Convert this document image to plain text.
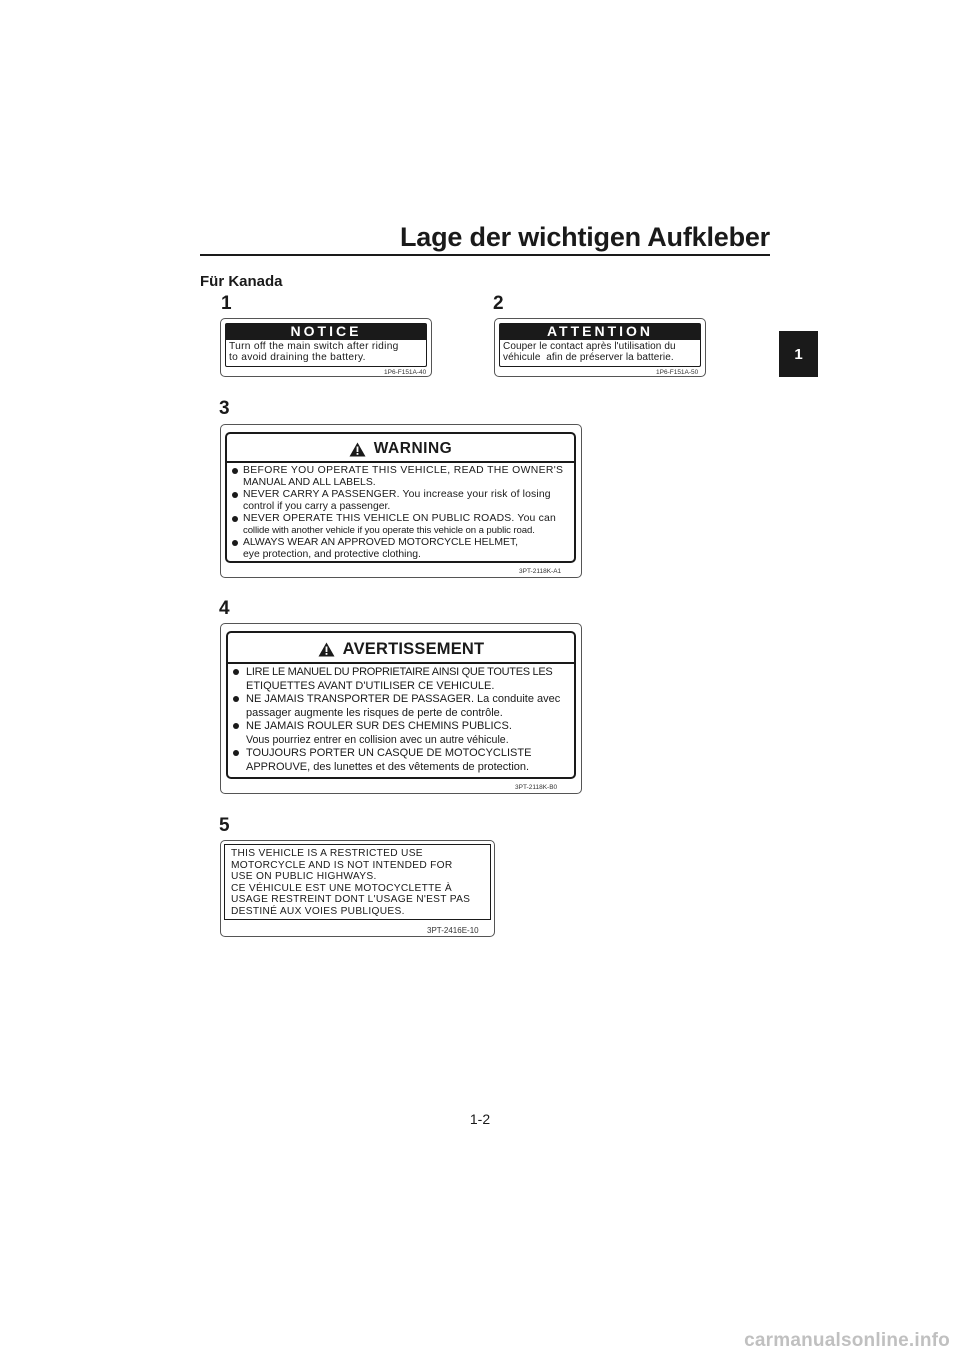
Lage der wichtigen Aufkleber
Für Kanada
1
1
NOTICE
Turn off the main switch after riding
to avoid draining the battery.
1P6-F151A-40
2
ATTENTION
Couper le contact après l'utilisation du
véhicule  afin de préserver la batterie.
1P6-F151A-50
3
WARNING
BEFORE YOU OPERATE THIS VEHICLE, READ THE OWNER'S
MANUAL AND ALL LABELS.
NEVER CARRY A PASSENGER. You increase your risk of losing
control if you carry a passenger.
NEVER OPERATE THIS VEHICLE ON PUBLIC ROADS. You can
collide with another vehicle if you operate this vehicle on a public road.
ALWAYS WEAR AN APPROVED MOTORCYCLE HELMET,
eye protection, and protective clothing.
3PT-2118K-A1
4
AVERTISSEMENT
LIRE LE MANUEL DU PROPRIETAIRE AINSI QUE TOUTES LES
ETIQUETTES AVANT D'UTILISER CE VEHICULE.
NE JAMAIS TRANSPORTER DE PASSAGER. La conduite avec
passager augmente les risques de perte de contrôle.
NE JAMAIS ROULER SUR DES CHEMINS PUBLICS.
Vous pourriez entrer en collision avec un autre véhicule.
TOUJOURS PORTER UN CASQUE DE MOTOCYCLISTE
APPROUVE, des lunettes et des vêtements de protection.
3PT-2118K-B0
5
THIS VEHICLE IS A RESTRICTED USE
MOTORCYCLE AND IS NOT INTENDED FOR
USE ON PUBLIC HIGHWAYS.
CE VÉHICULE EST UNE MOTOCYCLETTE À
USAGE RESTREINT DONT L'USAGE N'EST PAS
DESTINÉ AUX VOIES PUBLIQUES.
3PT-2416E-10
1-2
carmanualsonline.info
